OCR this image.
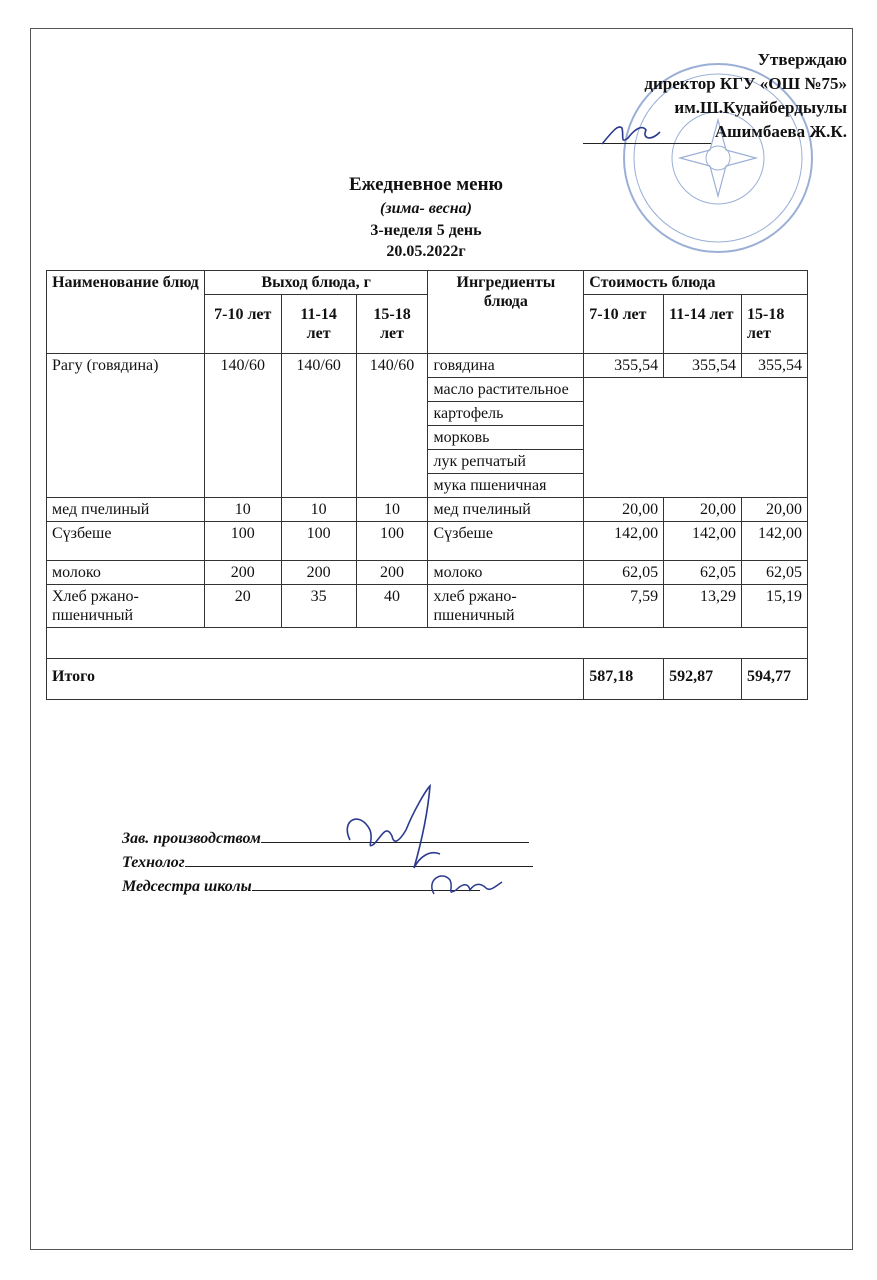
Утверждаю
директор КГУ «ОШ №75»
им.Ш.Кудайбердыулы
Ашимбаева Ж.К.
Ежедневное меню
(зима- весна)
3-неделя 5 день
20.05.2022г
Наименование блюд	Выход блюда, г			Ингредиенты блюда	Стоимость блюда		
	7-10 лет	11-14 лет	15-18 лет		7-10 лет	11-14 лет	15-18 лет
Рагу (говядина)	140/60	140/60	140/60	говядина	355,54	355,54	355,54
				масло растительное			
				картофель			
				морковь			
				лук репчатый			
				мука пшеничная			
мед пчелиный	10	10	10	мед пчелиный	20,00	20,00	20,00
Сүзбеше	100	100	100	Сүзбеше	142,00	142,00	142,00
молоко	200	200	200	молоко	62,05	62,05	62,05
Хлеб ржано-пшеничный	20	35	40	хлеб ржано-пшеничный	7,59	13,29	15,19

Итого					587,18	592,87	594,77
Зав. производством
Технолог
Медсестра школы
